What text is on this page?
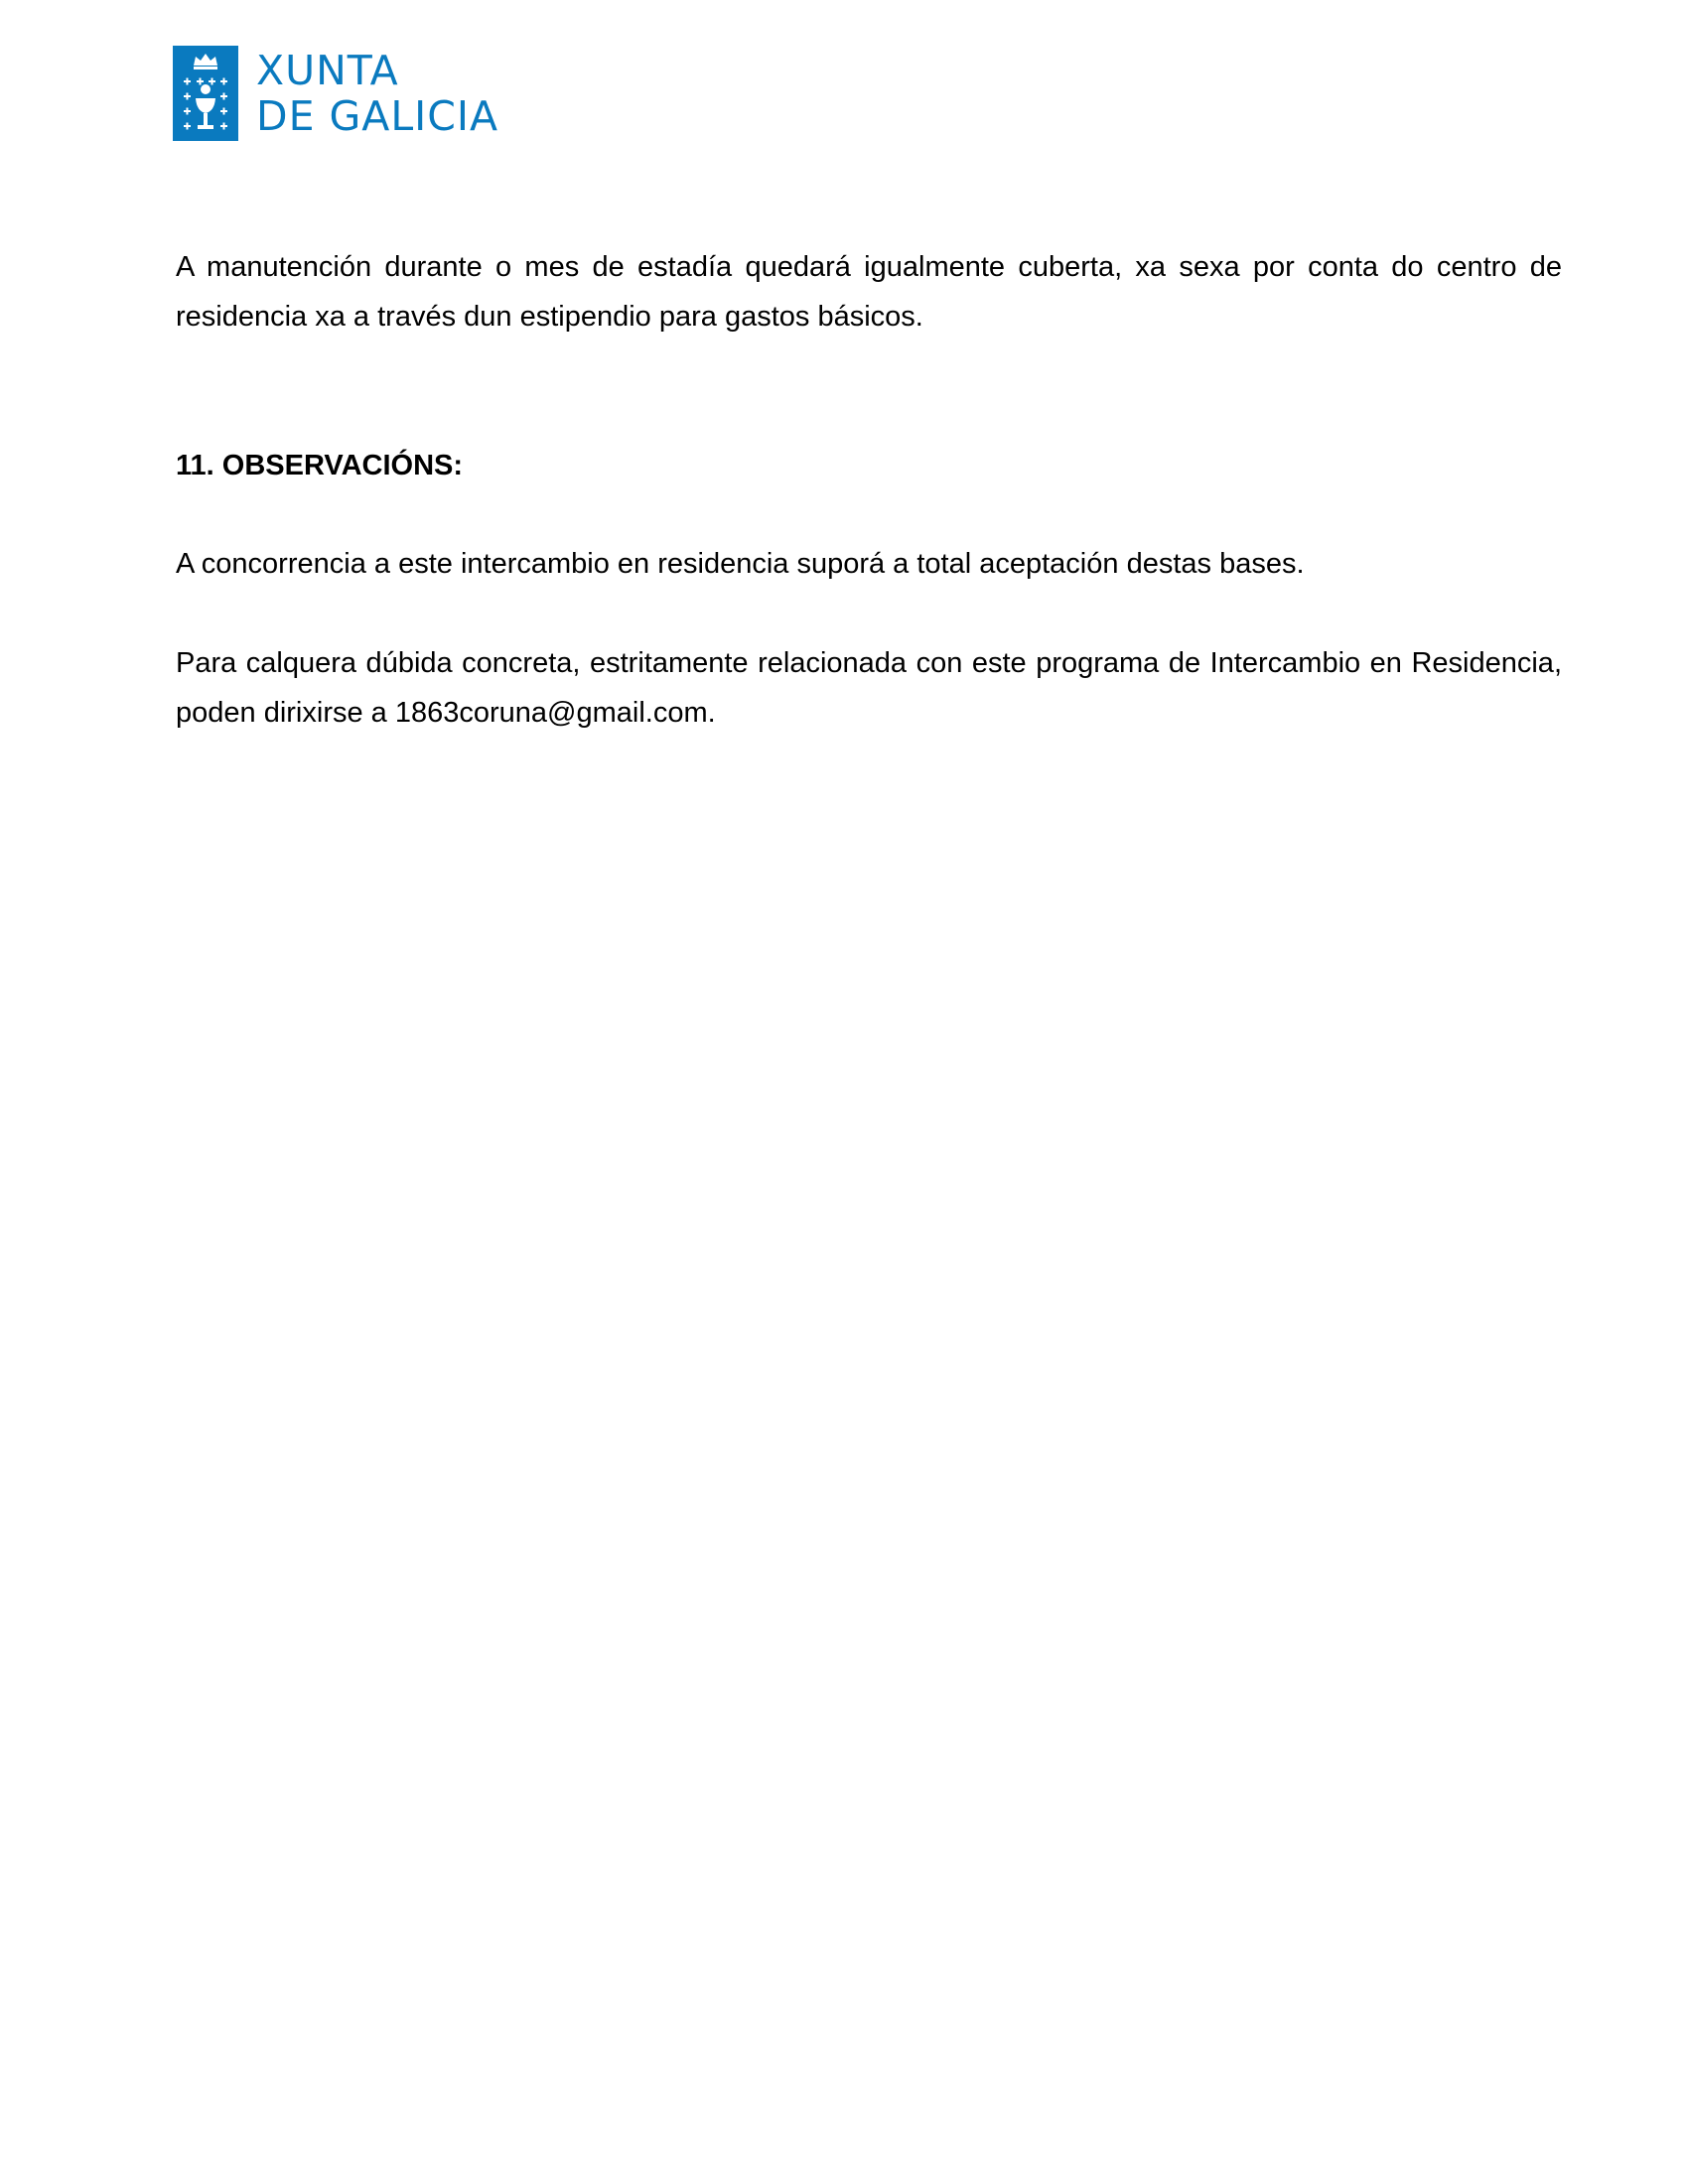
XUNTA
DE GALICIA

A manutención durante o mes de estadía quedará igualmente cuberta, xa sexa por conta do centro de residencia xa a través dun estipendio para gastos básicos.

11. OBSERVACIÓNS:

A concorrencia a este intercambio en residencia suporá a total aceptación destas bases.

Para calquera dúbida concreta, estritamente relacionada con este programa de Intercambio en Residencia, poden dirixirse a 1863coruna@gmail.com.
